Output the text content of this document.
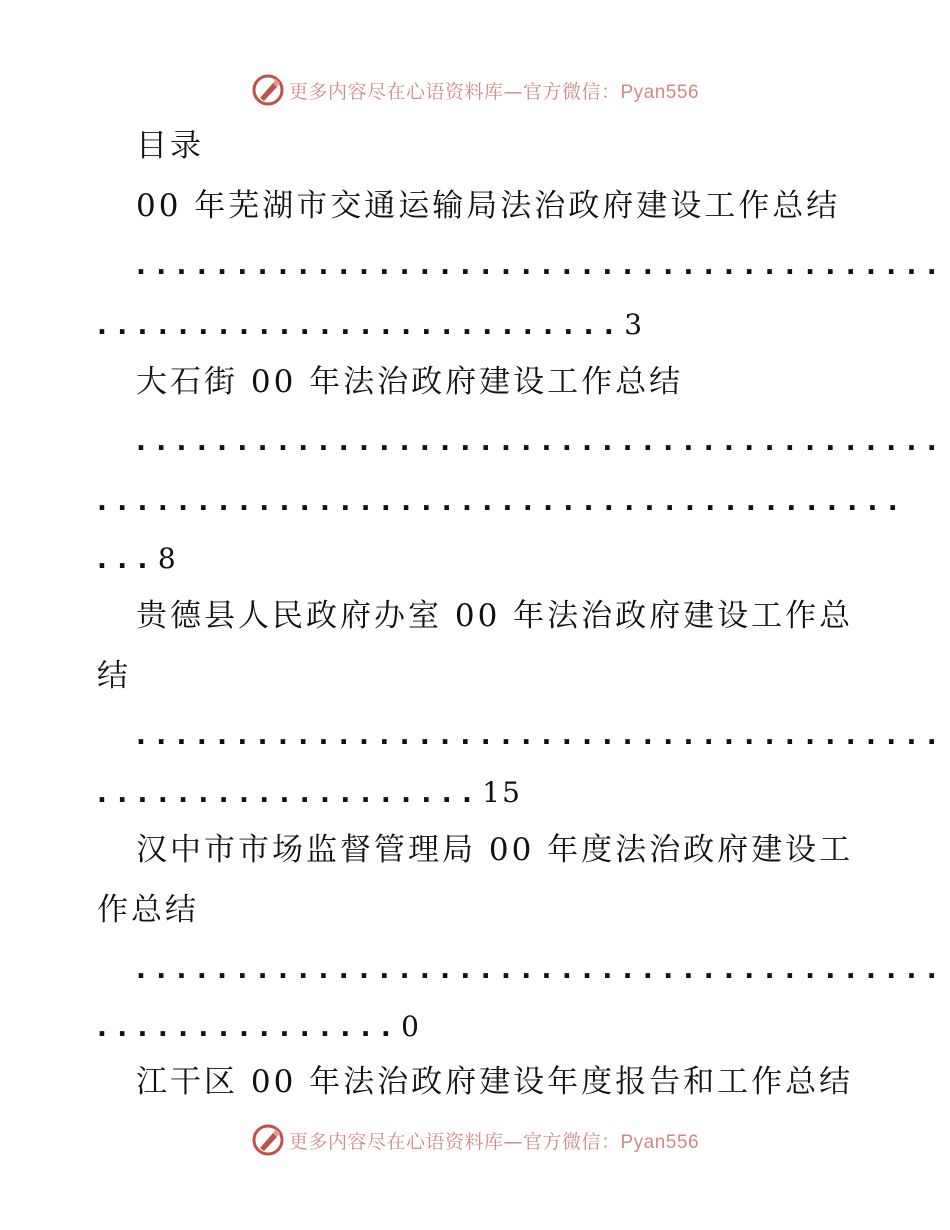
更多内容尽在心语资料库—官方微信：Pyan556
目录
00 年芜湖市交通运输局法治政府建设工作总结
........................................
..........................3
大石街 00 年法治政府建设工作总结
........................................
........................................
...8
贵德县人民政府办室 00 年法治政府建设工作总
结
........................................
...................15
汉中市市场监督管理局 00 年度法治政府建设工
作总结
........................................
...............0
江干区 00 年法治政府建设年度报告和工作总结
更多内容尽在心语资料库—官方微信：Pyan556
